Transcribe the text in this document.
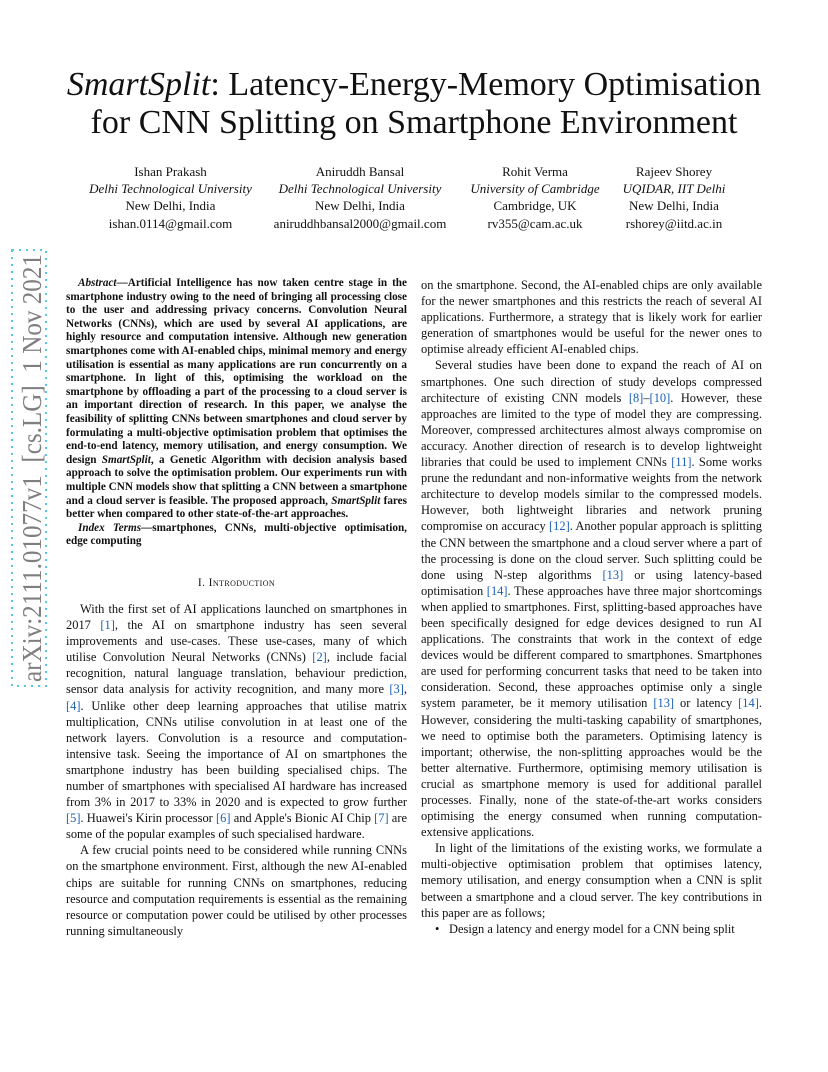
arXiv:2111.01077v1  [cs.LG]  1 Nov 2021
SmartSplit: Latency-Energy-Memory Optimisation
for CNN Splitting on Smartphone Environment
Ishan Prakash
Delhi Technological University
New Delhi, India
ishan.0114@gmail.com
Aniruddh Bansal
Delhi Technological University
New Delhi, India
aniruddhbansal2000@gmail.com
Rohit Verma
University of Cambridge
Cambridge, UK
rv355@cam.ac.uk
Rajeev Shorey
UQIDAR, IIT Delhi
New Delhi, India
rshorey@iitd.ac.in

Abstract—Artificial Intelligence has now taken centre stage in the smartphone industry owing to the need of bringing all processing close to the user and addressing privacy concerns. Convolution Neural Networks (CNNs), which are used by several AI applications, are highly resource and computation intensive. Although new generation smartphones come with AI-enabled chips, minimal memory and energy utilisation is essential as many applications are run concurrently on a smartphone. In light of this, optimising the workload on the smartphone by offloading a part of the processing to a cloud server is an important direction of research. In this paper, we analyse the feasibility of splitting CNNs between smartphones and cloud server by formulating a multi-objective optimisation problem that optimises the end-to-end latency, memory utilisation, and energy consumption. We design SmartSplit, a Genetic Algorithm with decision analysis based approach to solve the optimisation problem. Our experiments run with multiple CNN models show that splitting a CNN between a smartphone and a cloud server is feasible. The proposed approach, SmartSplit fares better when compared to other state-of-the-art approaches.

Index Terms—smartphones, CNNs, multi-objective optimisation, edge computing

I. Introduction

With the first set of AI applications launched on smartphones in 2017 [1], the AI on smartphone industry has seen several improvements and use-cases. These use-cases, many of which utilise Convolution Neural Networks (CNNs) [2], include facial recognition, natural language translation, behaviour prediction, sensor data analysis for activity recognition, and many more [3], [4]. Unlike other deep learning approaches that utilise matrix multiplication, CNNs utilise convolution in at least one of the network layers. Convolution is a resource and computation-intensive task. Seeing the importance of AI on smartphones the smartphone industry has been building specialised chips. The number of smartphones with specialised AI hardware has increased from 3% in 2017 to 33% in 2020 and is expected to grow further [5]. Huawei's Kirin processor [6] and Apple's Bionic AI Chip [7] are some of the popular examples of such specialised hardware.

A few crucial points need to be considered while running CNNs on the smartphone environment. First, although the new AI-enabled chips are suitable for running CNNs on smartphones, reducing resource and computation requirements is essential as the remaining resource or computation power could be utilised by other processes running simultaneously

on the smartphone. Second, the AI-enabled chips are only available for the newer smartphones and this restricts the reach of several AI applications. Furthermore, a strategy that is likely work for earlier generation of smartphones would be useful for the newer ones to optimise already efficient AI-enabled chips.

Several studies have been done to expand the reach of AI on smartphones. One such direction of study develops compressed architecture of existing CNN models [8]–[10]. However, these approaches are limited to the type of model they are compressing. Moreover, compressed architectures almost always compromise on accuracy. Another direction of research is to develop lightweight libraries that could be used to implement CNNs [11]. Some works prune the redundant and non-informative weights from the network architecture to develop models similar to the compressed models. However, both lightweight libraries and network pruning compromise on accuracy [12]. Another popular approach is splitting the CNN between the smartphone and a cloud server where a part of the processing is done on the cloud server. Such splitting could be done using N-step algorithms [13] or using latency-based optimisation [14]. These approaches have three major shortcomings when applied to smartphones. First, splitting-based approaches have been specifically designed for edge devices designed to run AI applications. The constraints that work in the context of edge devices would be different compared to smartphones. Smartphones are used for performing concurrent tasks that need to be taken into consideration. Second, these approaches optimise only a single system parameter, be it memory utilisation [13] or latency [14]. However, considering the multi-tasking capability of smartphones, we need to optimise both the parameters. Optimising latency is important; otherwise, the non-splitting approaches would be the better alternative. Furthermore, optimising memory utilisation is crucial as smartphone memory is used for additional parallel processes. Finally, none of the state-of-the-art works considers optimising the energy consumed when running computation-extensive applications.

In light of the limitations of the existing works, we formulate a multi-objective optimisation problem that optimises latency, memory utilisation, and energy consumption when a CNN is split between a smartphone and a cloud server. The key contributions in this paper are as follows;

• Design a latency and energy model for a CNN being split
